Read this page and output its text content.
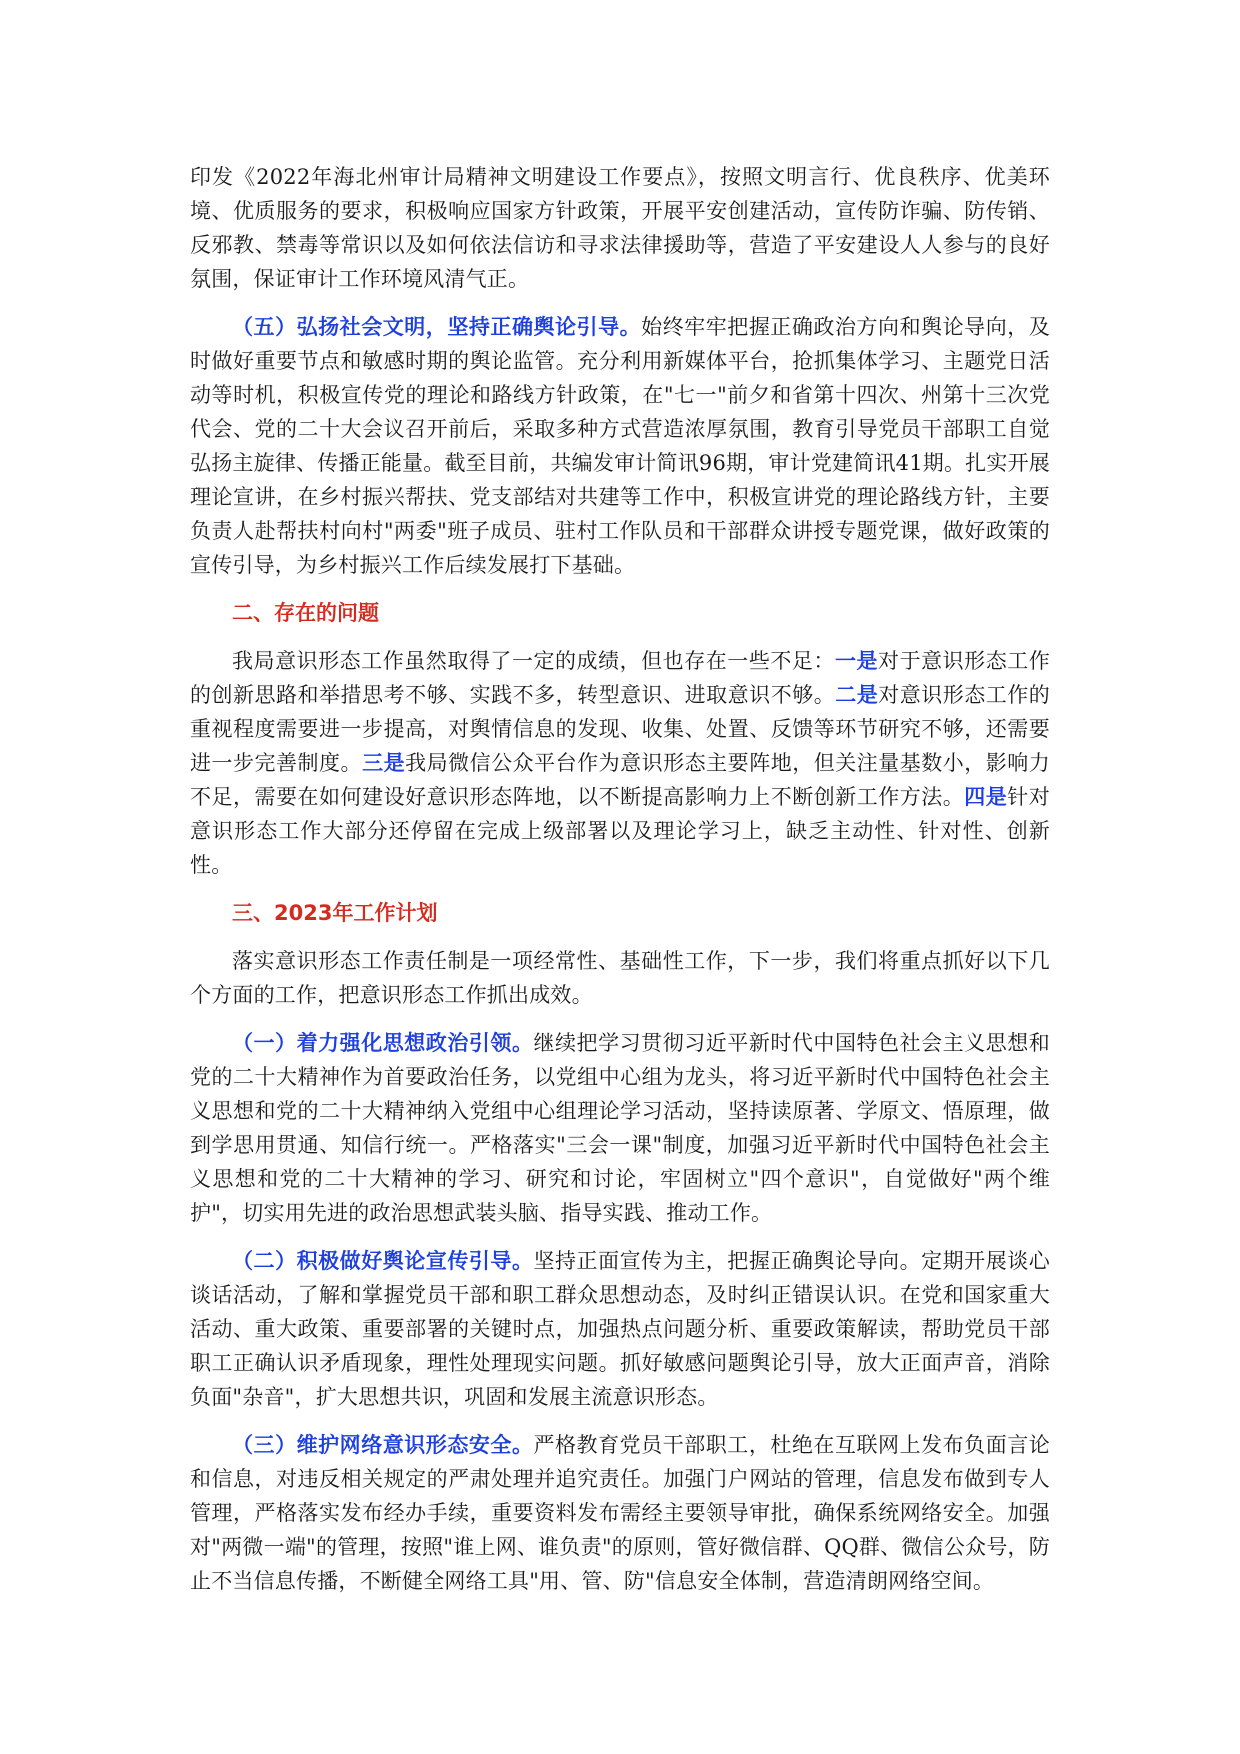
印发《2022年海北州审计局精神文明建设工作要点》，按照文明言行、优良秩序、优美环境、优质服务的要求，积极响应国家方针政策，开展平安创建活动，宣传防诈骗、防传销、反邪教、禁毒等常识以及如何依法信访和寻求法律援助等，营造了平安建设人人参与的良好氛围，保证审计工作环境风清气正。

（五）弘扬社会文明，坚持正确舆论引导。始终牢牢把握正确政治方向和舆论导向，及时做好重要节点和敏感时期的舆论监管。充分利用新媒体平台，抢抓集体学习、主题党日活动等时机，积极宣传党的理论和路线方针政策，在"七一"前夕和省第十四次、州第十三次党代会、党的二十大会议召开前后，采取多种方式营造浓厚氛围，教育引导党员干部职工自觉弘扬主旋律、传播正能量。截至目前，共编发审计简讯96期，审计党建简讯41期。扎实开展理论宣讲，在乡村振兴帮扶、党支部结对共建等工作中，积极宣讲党的理论路线方针，主要负责人赴帮扶村向村"两委"班子成员、驻村工作队员和干部群众讲授专题党课，做好政策的宣传引导，为乡村振兴工作后续发展打下基础。

二、存在的问题

我局意识形态工作虽然取得了一定的成绩，但也存在一些不足：一是对于意识形态工作的创新思路和举措思考不够、实践不多，转型意识、进取意识不够。二是对意识形态工作的重视程度需要进一步提高，对舆情信息的发现、收集、处置、反馈等环节研究不够，还需要进一步完善制度。三是我局微信公众平台作为意识形态主要阵地，但关注量基数小，影响力不足，需要在如何建设好意识形态阵地，以不断提高影响力上不断创新工作方法。四是针对意识形态工作大部分还停留在完成上级部署以及理论学习上，缺乏主动性、针对性、创新性。

三、2023年工作计划

落实意识形态工作责任制是一项经常性、基础性工作，下一步，我们将重点抓好以下几个方面的工作，把意识形态工作抓出成效。

（一）着力强化思想政治引领。继续把学习贯彻习近平新时代中国特色社会主义思想和党的二十大精神作为首要政治任务，以党组中心组为龙头，将习近平新时代中国特色社会主义思想和党的二十大精神纳入党组中心组理论学习活动，坚持读原著、学原文、悟原理，做到学思用贯通、知信行统一。严格落实"三会一课"制度，加强习近平新时代中国特色社会主义思想和党的二十大精神的学习、研究和讨论，牢固树立"四个意识"，自觉做好"两个维护"，切实用先进的政治思想武装头脑、指导实践、推动工作。

（二）积极做好舆论宣传引导。坚持正面宣传为主，把握正确舆论导向。定期开展谈心谈话活动，了解和掌握党员干部和职工群众思想动态，及时纠正错误认识。在党和国家重大活动、重大政策、重要部署的关键时点，加强热点问题分析、重要政策解读，帮助党员干部职工正确认识矛盾现象，理性处理现实问题。抓好敏感问题舆论引导，放大正面声音，消除负面"杂音"，扩大思想共识，巩固和发展主流意识形态。

（三）维护网络意识形态安全。严格教育党员干部职工，杜绝在互联网上发布负面言论和信息，对违反相关规定的严肃处理并追究责任。加强门户网站的管理，信息发布做到专人管理，严格落实发布经办手续，重要资料发布需经主要领导审批，确保系统网络安全。加强对"两微一端"的管理，按照"谁上网、谁负责"的原则，管好微信群、QQ群、微信公众号，防止不当信息传播，不断健全网络工具"用、管、防"信息安全体制，营造清朗网络空间。
